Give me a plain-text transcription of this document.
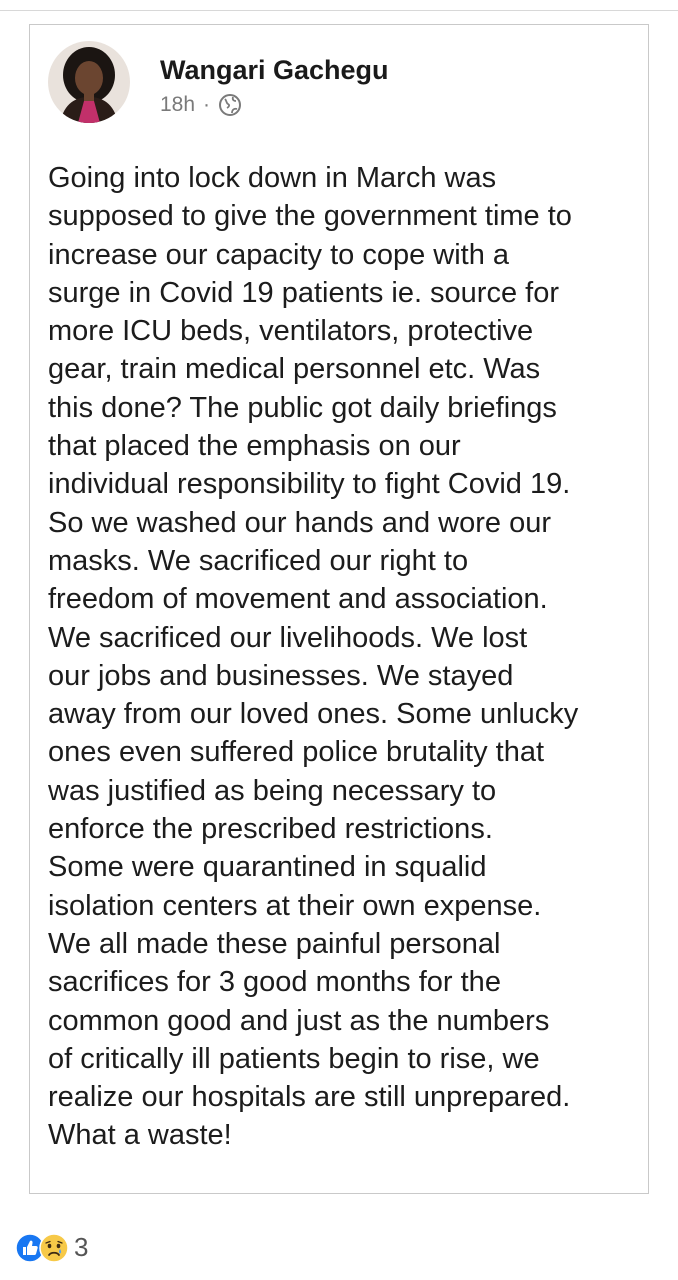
Wangari Gachegu
18h ·

Going into lock down in March was
supposed to give the government time to
increase our capacity to cope with a
surge in Covid 19 patients ie. source for
more ICU beds, ventilators, protective
gear, train medical personnel etc. Was
this done? The public got daily briefings
that placed the emphasis on our
individual responsibility to fight Covid 19.
So we washed our hands and wore our
masks. We sacrificed our right to
freedom of movement and association.
We sacrificed our livelihoods. We lost
our jobs and businesses. We stayed
away from our loved ones. Some unlucky
ones even suffered police brutality that
was justified as being necessary to
enforce the prescribed restrictions.
Some were quarantined in squalid
isolation centers at their own expense.
We all made these painful personal
sacrifices for 3 good months for the
common good and just as the numbers
of critically ill patients begin to rise, we
realize our hospitals are still unprepared.
What a waste!

3
